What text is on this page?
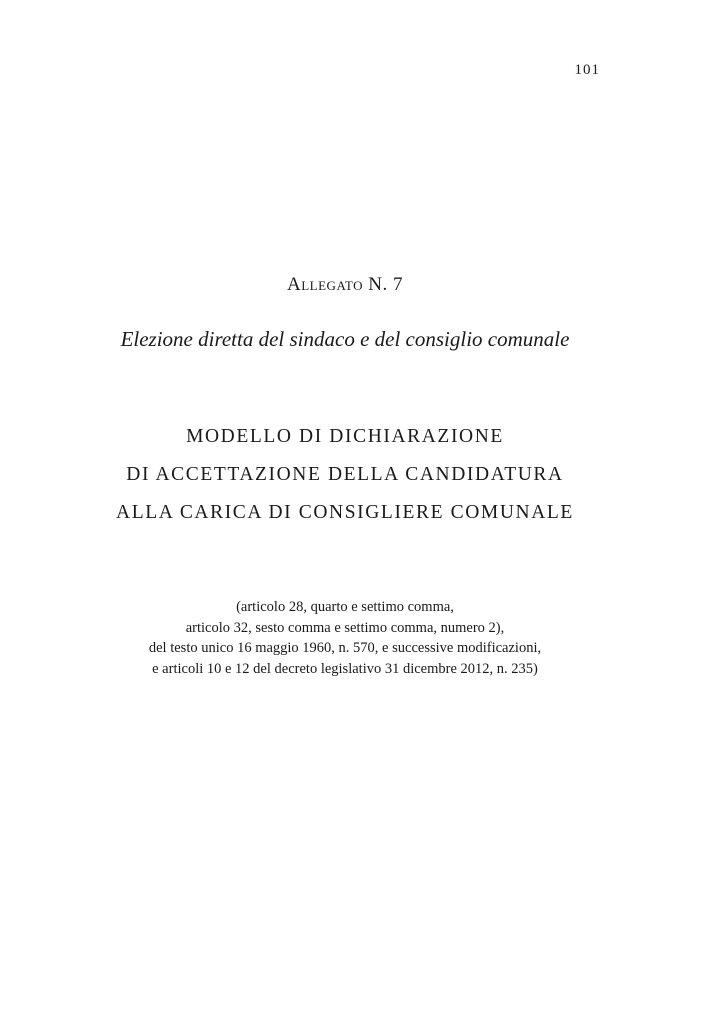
101
Allegato N. 7
Elezione diretta del sindaco e del consiglio comunale
MODELLO DI DICHIARAZIONE
DI ACCETTAZIONE DELLA CANDIDATURA
ALLA CARICA DI CONSIGLIERE COMUNALE
(articolo 28, quarto e settimo comma,
articolo 32, sesto comma e settimo comma, numero 2),
del testo unico 16 maggio 1960, n. 570, e successive modificazioni,
e articoli 10 e 12 del decreto legislativo 31 dicembre 2012, n. 235)
